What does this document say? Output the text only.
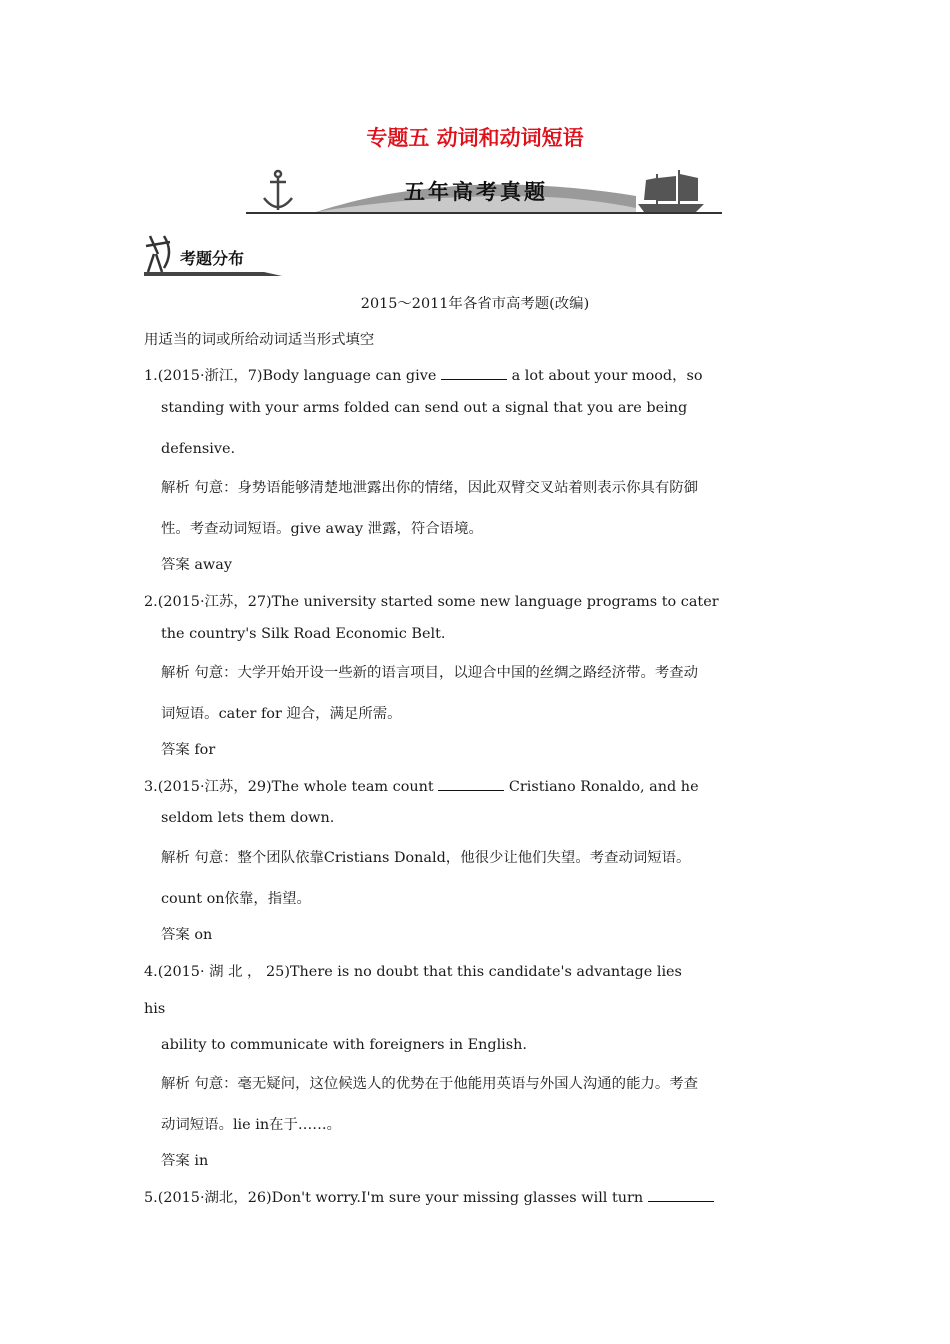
专题五 动词和动词短语
五年高考真题
考题分布
2015～2011年各省市高考题(改编)
用适当的词或所给动词适当形式填空
1.(2015·浙江，7)Body language can give	a lot about your mood，so
standing with your arms folded can send out a signal that you are being
defensive.
解析 句意：身势语能够清楚地泄露出你的情绪，因此双臂交叉站着则表示你具有防御
性。考查动词短语。give away 泄露，符合语境。
答案 away
2.(2015·江苏，27)The university started some new language programs to cater
the country's Silk Road Economic Belt.
解析 句意：大学开始开设一些新的语言项目，以迎合中国的丝绸之路经济带。考查动
词短语。cater for 迎合，满足所需。
答案 for
3.(2015·江苏，29)The whole team count	Cristiano Ronaldo, and he
seldom lets them down.
解析 句意：整个团队依靠Cristians Donald，他很少让他们失望。考查动词短语。
count on依靠，指望。
答案 on
4.(2015· 湖 北 ， 25)There is no doubt that this candidate's advantage lies
his
ability to communicate with foreigners in English.
解析 句意：毫无疑问，这位候选人的优势在于他能用英语与外国人沟通的能力。考查
动词短语。lie in在于……。
答案 in
5.(2015·湖北，26)Don't worry.I'm sure your missing glasses will turn
